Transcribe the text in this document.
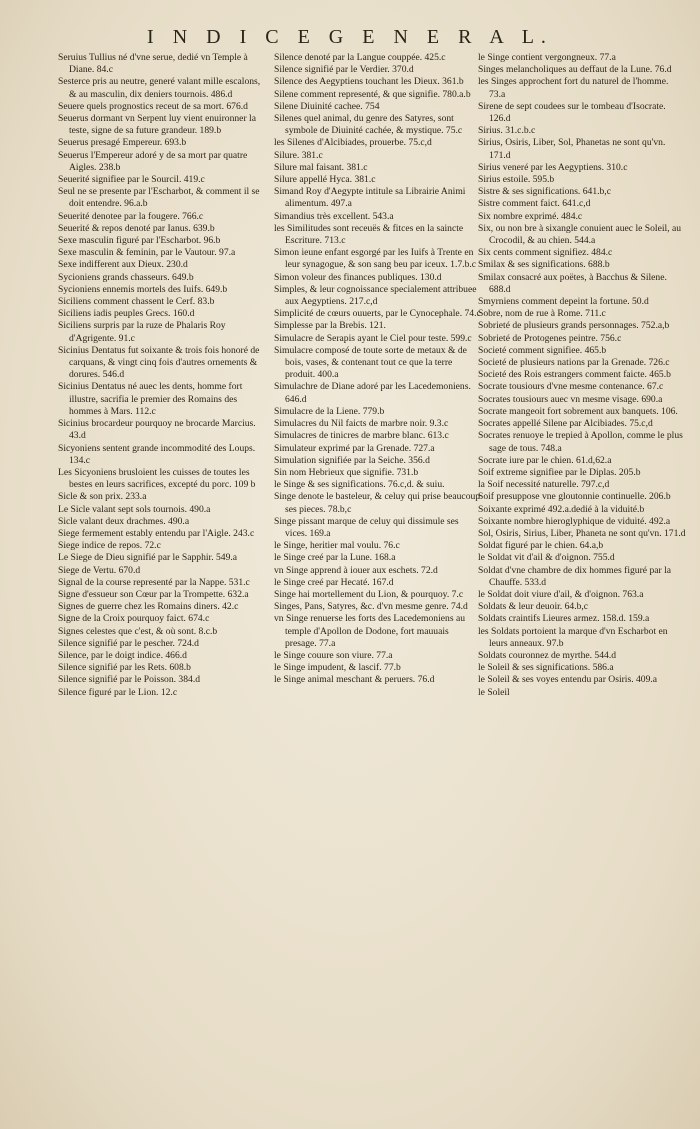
I N D I C E G E N E R A L.

Seruius Tullius né d'vne serue, dedié vn Temple à Diane. 84.c

Sesterce pris au neutre, generé valant mille escalons, & au masculin, dix deniers tournois. 486.d

Seuere quels prognostics receut de sa mort. 676.d

Seuerus dormant vn Serpent luy vient enuironner la teste, signe de sa future grandeur. 189.b

Seuerus presagé Empereur. 693.b

Seuerus l'Empereur adoré y de sa mort par quatre Aigles. 238.b

Seuerité signifiee par le Sourcil. 419.c

Seul ne se presente par l'Escharbot, & comment il se doit entendre. 96.a.b

Seuerité denotee par la fougere. 766.c

Seuerité & repos denoté par Ianus. 639.b

Sexe masculin figuré par l'Escharbot. 96.b

Sexe masculin & feminin, par le Vautour. 97.a

Sexe indifferent aux Dieux. 230.d

Sycioniens grands chasseurs. 649.b

Sycioniens ennemis mortels des Iuifs. 649.b

Siciliens comment chassent le Cerf. 83.b

Siciliens iadis peuples Grecs. 160.d

Siciliens surpris par la ruze de Phalaris Roy d'Agrigente. 91.c

Sicinius Dentatus fut soixante & trois fois honoré de carquans, & vingt cinq fois d'autres ornements & dorures. 546.d

Sicinius Dentatus né auec les dents, homme fort illustre, sacrifia le premier des Romains des hommes à Mars. 112.c

Sicinius brocardeur pourquoy ne brocarde Marcius. 43.d

Sicyoniens sentent grande incommodité des Loups. 134.c

Les Sicyoniens brusloient les cuisses de toutes les bestes en leurs sacrifices, excepté du porc. 109 b

Sicle & son prix. 233.a

Le Sicle valant sept sols tournois. 490.a

Sicle valant deux drachmes. 490.a

Siege fermement estably entendu par l'Aigle. 243.c

Siege indice de repos. 72.c

Le Siege de Dieu signifié par le Sapphir. 549.a

Siege de Vertu. 670.d

Signal de la course representé par la Nappe. 531.c

Signe d'essueur son Cœur par la Trompette. 632.a

Signes de guerre chez les Romains diners. 42.c

Signe de la Croix pourquoy faict. 674.c

Signes celestes que c'est, & où sont. 8.c.b

Silence signifié par le pescher. 724.d

Silence, par le doigt indice. 466.d

Silence signifié par les Rets. 608.b

Silence signifié par le Poisson. 384.d

Silence figuré par le Lion. 12.c

Silence denoté par la Langue couppée. 425.c

Silence signifié par le Verdier. 370.d

Silence des Aegyptiens touchant les Dieux. 361.b

Silene comment representé, & que signifie. 780.a.b

Silene Diuinité cachee. 754

Silenes quel animal, du genre des Satyres, sont symbole de Diuinité cachée, & mystique. 75.c

les Silenes d'Alcibiades, prouerbe. 75.c,d

Silure. 381.c

Silure mal faisant. 381.c

Silure appellé Hyca. 381.c

Simand Roy d'Aegypte intitule sa Librairie Animi alimentum. 497.a

Simandius très excellent. 543.a

les Similitudes sont receuës & fitces en la saincte Escriture. 713.c

Simon ieune enfant esgorgé par les Iuifs à Trente en leur synagogue, & son sang beu par iceux. 1.7.b.c

Simon voleur des finances publiques. 130.d

Simples, & leur cognoissance specialement attribuee aux Aegyptiens. 217.c,d

Simplicité de cœurs ouuerts, par le Cynocephale. 74.c

Simplesse par la Brebis. 121.

Simulacre de Serapis ayant le Ciel pour teste. 599.c

Simulacre composé de toute sorte de metaux & de bois, vases, & contenant tout ce que la terre produit. 400.a

Simulachre de Diane adoré par les Lacedemoniens. 646.d

Simulacre de la Liene. 779.b

Simulacres du Nil faicts de marbre noir. 9.3.c

Simulacres de tinicres de marbre blanc. 613.c

Simulateur exprimé par la Grenade. 727.a

Simulation signifiée par la Seiche. 356.d

Sin nom Hebrieux que signifie. 731.b

le Singe & ses significations. 76.c,d. & suiu.

Singe denote le basteleur, & celuy qui prise beaucoup ses pieces. 78.b,c

Singe pissant marque de celuy qui dissimule ses vices. 169.a

le Singe, heritier mal voulu. 76.c

le Singe creé par la Lune. 168.a

vn Singe apprend à iouer aux eschets. 72.d

le Singe creé par Hecaté. 167.d

Singe hai mortellement du Lion, & pourquoy. 7.c

Singes, Pans, Satyres, &c. d'vn mesme genre. 74.d

vn Singe renuerse les forts des Lacedemoniens au temple d'Apollon de Dodone, fort mauuais presage. 77.a

le Singe couure son viure. 77.a

le Singe impudent, & lascif. 77.b

le Singe animal meschant & peruers. 76.d

le Singe contient vergongneux. 77.a

Singes melancholiques au deffaut de la Lune. 76.d

les Singes approchent fort du naturel de l'homme. 73.a

Sirene de sept coudees sur le tombeau d'Isocrate. 126.d

Sirius. 31.c.b.c

Sirius, Osiris, Liber, Sol, Phanetas ne sont qu'vn. 171.d

Sirius veneré par les Aegyptiens. 310.c

Sirius estoile. 595.b

Sistre & ses significations. 641.b,c

Sistre comment faict. 641.c,d

Six nombre exprimé. 484.c

Six, ou non bre à sixangle conuient auec le Soleil, au Crocodil, & au chien. 544.a

Six cents comment signifiez. 484.c

Smilax & ses significations. 688.b

Smilax consacré aux poëtes, à Bacchus & Silene. 688.d

Smyrniens comment depeint la fortune. 50.d

Sobre, nom de rue à Rome. 711.c

Sobrieté de plusieurs grands personnages. 752.a,b

Sobrieté de Protogenes peintre. 756.c

Societé comment signifiee. 465.b

Societé de plusieurs nations par la Grenade. 726.c

Societé des Rois estrangers comment faicte. 465.b

Socrate tousiours d'vne mesme contenance. 67.c

Socrates tousiours auec vn mesme visage. 690.a

Socrate mangeoit fort sobrement aux banquets. 106.

Socrates appellé Silene par Alcibiades. 75.c,d

Socrates renuoye le trepied à Apollon, comme le plus sage de tous. 748.a

Socrate iure par le chien. 61.d,62.a

Soif extreme signifiee par le Diplas. 205.b

la Soif necessité naturelle. 797.c,d

Soif presuppose vne gloutonnie continuelle. 206.b

Soixante exprimé 492.a.dedié à la viduité.b

Soixante nombre hieroglyphique de viduité. 492.a

Sol, Osiris, Sirius, Liber, Phaneta ne sont qu'vn. 171.d

Soldat figuré par le chien. 64.a,b

le Soldat vit d'ail & d'oignon. 755.d

Soldat d'vne chambre de dix hommes figuré par la Chauffe. 533.d

le Soldat doit viure d'ail, & d'oignon. 763.a

Soldats & leur deuoir. 64.b,c

Soldats craintifs Lieures armez. 158.d. 159.a

les Soldats portoient la marque d'vn Escharbot en leurs anneaux. 97.b

Soldats couronnez de myrthe. 544.d

le Soleil & ses significations. 586.a

le Soleil & ses voyes entendu par Osiris. 409.a

le Soleil
